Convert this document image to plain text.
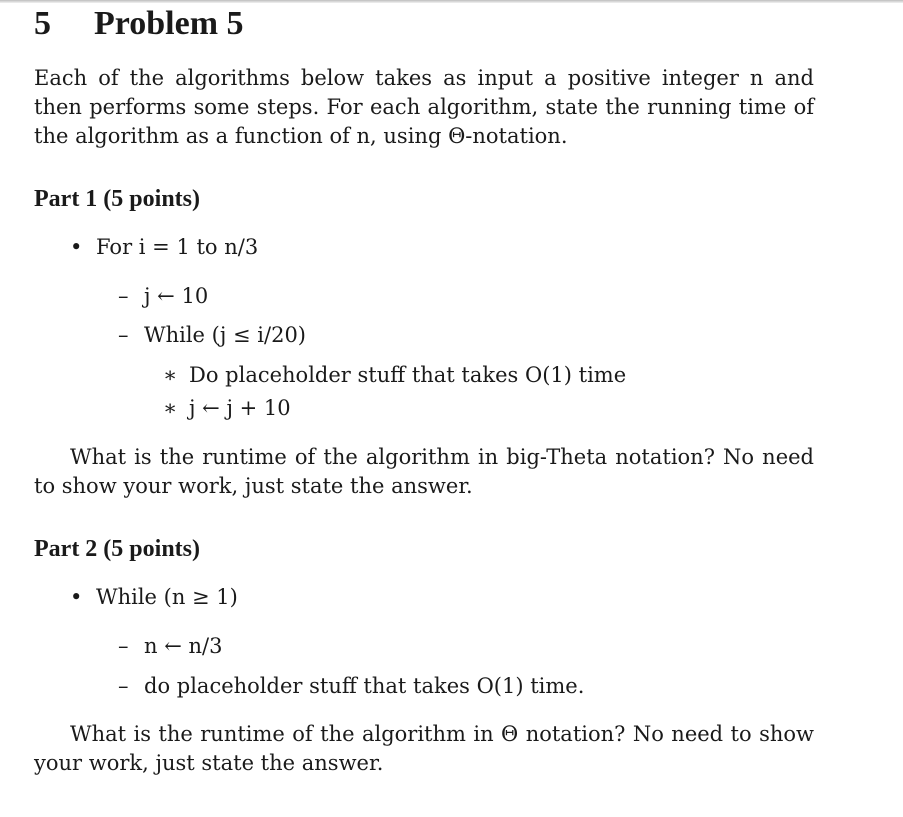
5 Problem 5
Each of the algorithms below takes as input a positive integer n and then performs some steps. For each algorithm, state the running time of the algorithm as a function of n, using Θ-notation.
Part 1 (5 points)
• For i = 1 to n/3
– j ← 10
– While (j ≤ i/20)
∗ Do placeholder stuff that takes O(1) time
∗ j ← j + 10
What is the runtime of the algorithm in big-Theta notation? No need to show your work, just state the answer.
Part 2 (5 points)
• While (n ≥ 1)
– n ← n/3
– do placeholder stuff that takes O(1) time.
What is the runtime of the algorithm in Θ notation? No need to show your work, just state the answer.
